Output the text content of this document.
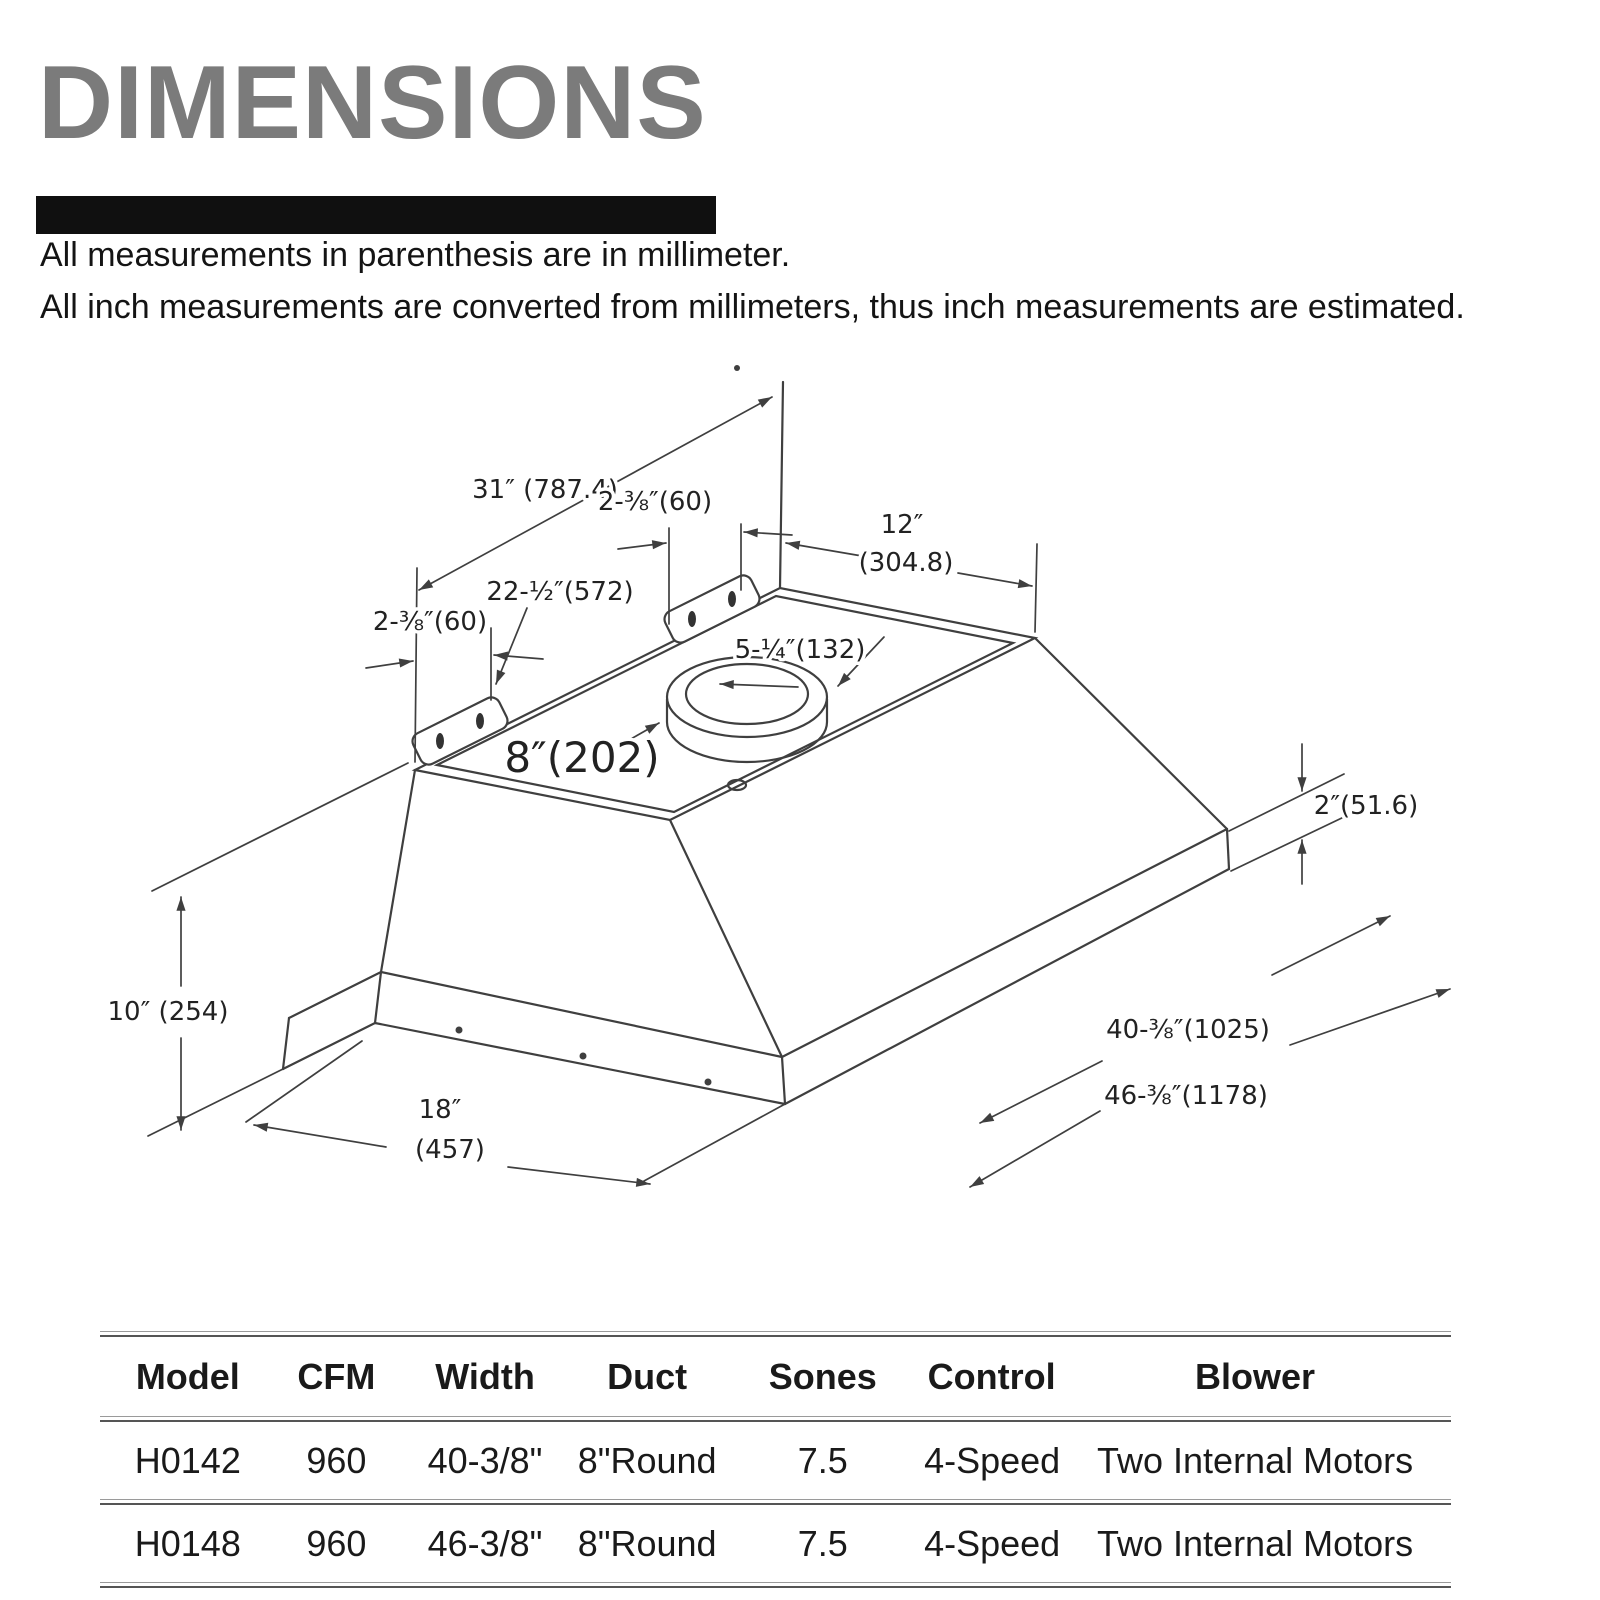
DIMENSIONS

All measurements in parenthesis are in millimeter.

All inch measurements are converted from millimeters, thus inch measurements are estimated.

31″ (787.4)
2-⅜″(60)
2-⅜″(60)
12″
(304.8)
22-½″(572)
5-¼″(132)
8″(202)
2″(51.6)
10″ (254)
18″
(457)
40-⅜″(1025)
46-⅜″(1178)
Model	CFM	Width	Duct	Sones	Control	Blower
H0142	960	40-3/8" 8"Round	7.5	4-Speed	Two Internal Motors
H0148	960	46-3/8" 8"Round	7.5	4-Speed	Two Internal Motors
